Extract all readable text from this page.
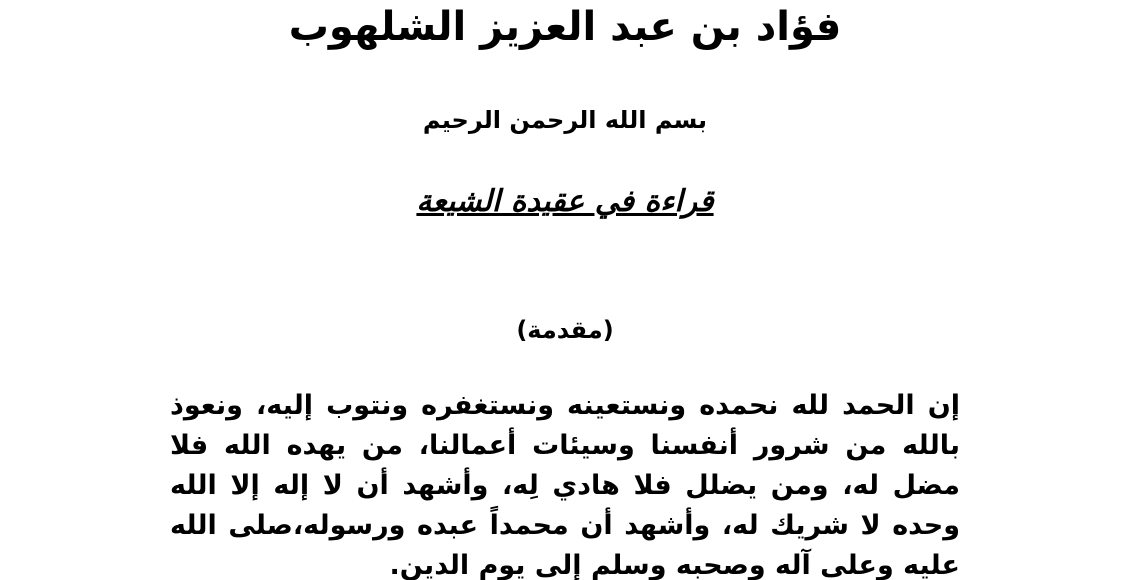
فؤاد بن عبد العزيز الشلهوب
بسم الله الرحمن الرحيم
قراءة في عقيدة الشيعة
(مقدمة)
إن الحمد لله نحمده ونستعينه ونستغفره ونتوب إليه، ونعوذ بالله من شرور أنفسنا وسيئات أعمالنا، من يهده الله فلا مضل له، ومن يضلل فلا هادي لِه، وأشهد أن لا إله إلا الله وحده لا شريك له، وأشهد أن محمداً عبده ورسوله،صلى الله عليه وعلى آله وصحبه وسلم إلى يوم الدين.
